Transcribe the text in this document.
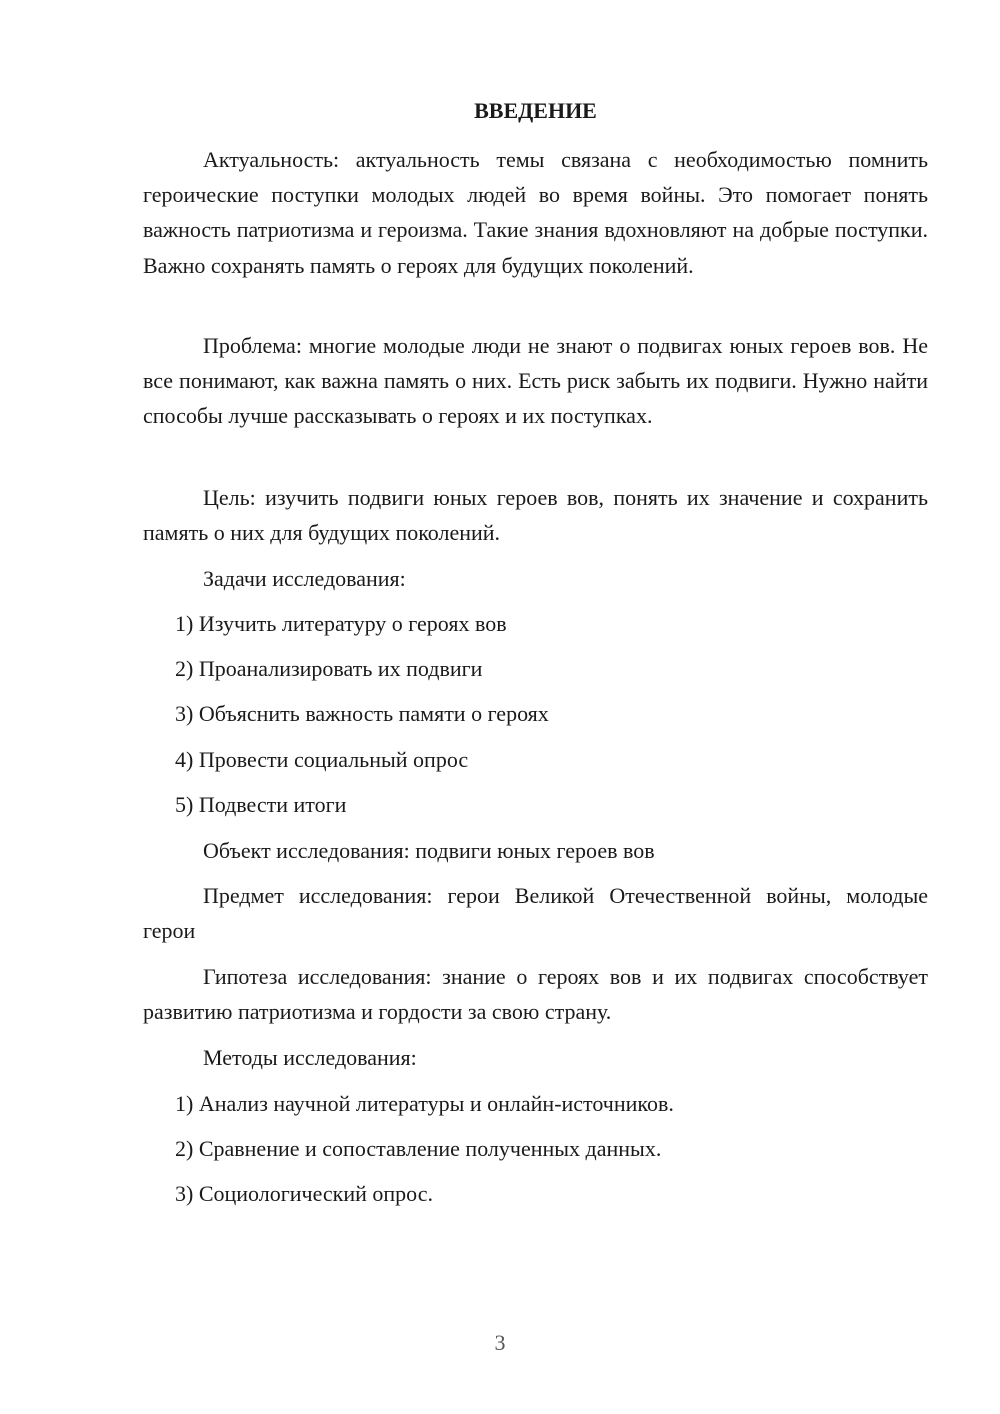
ВВЕДЕНИЕ

Актуальность: актуальность темы связана с необходимостью помнить героические поступки молодых людей во время войны. Это помогает понять важность патриотизма и героизма. Такие знания вдохновляют на добрые поступки. Важно сохранять память о героях для будущих поколений.

Проблема: многие молодые люди не знают о подвигах юных героев вов. Не все понимают, как важна память о них. Есть риск забыть их подвиги. Нужно найти способы лучше рассказывать о героях и их поступках.

Цель: изучить подвиги юных героев вов, понять их значение и сохранить память о них для будущих поколений.

Задачи исследования:

1) Изучить литературу о героях вов

2) Проанализировать их подвиги

3) Объяснить важность памяти о героях

4) Провести социальный опрос

5) Подвести итоги

Объект исследования: подвиги юных героев вов

Предмет исследования: герои Великой Отечественной войны, молодые герои

Гипотеза исследования: знание о героях вов и их подвигах способствует развитию патриотизма и гордости за свою страну.

Методы исследования:

1) Анализ научной литературы и онлайн-источников.

2) Сравнение и сопоставление полученных данных.

3) Социологический опрос.

3
